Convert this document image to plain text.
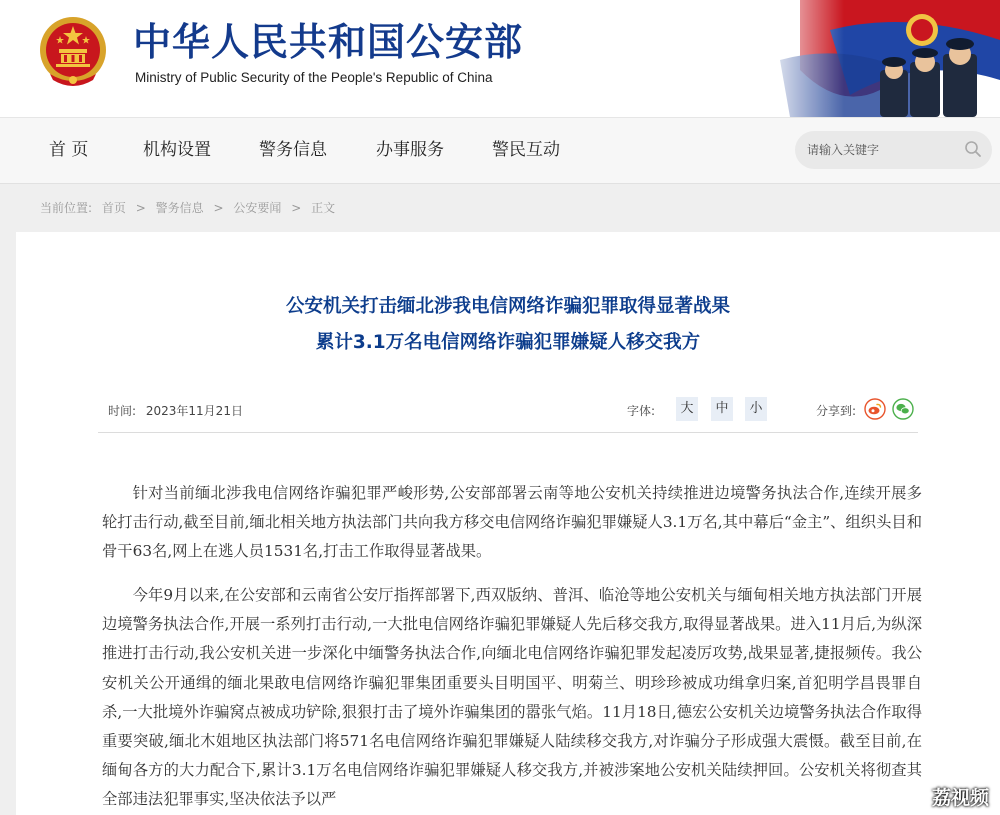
中华人民共和国公安部
Ministry of Public Security of the People's Republic of China
首 页	机构设置	警务信息	办事服务	警民互动
请输入关键字
当前位置: 首页 > 警务信息 > 公安要闻 > 正文
公安机关打击缅北涉我电信网络诈骗犯罪取得显著战果
累计3.1万名电信网络诈骗犯罪嫌疑人移交我方
时间: 2023年11月21日	字体:	大	中	小	分享到:

针对当前缅北涉我电信网络诈骗犯罪严峻形势,公安部部署云南等地公安机关持续推进边境警务执法合作,连续开展多轮打击行动,截至目前,缅北相关地方执法部门共向我方移交电信网络诈骗犯罪嫌疑人3.1万名,其中幕后“金主”、组织头目和骨干63名,网上在逃人员1531名,打击工作取得显著战果。

今年9月以来,在公安部和云南省公安厅指挥部署下,西双版纳、普洱、临沧等地公安机关与缅甸相关地方执法部门开展边境警务执法合作,开展一系列打击行动,一大批电信网络诈骗犯罪嫌疑人先后移交我方,取得显著战果。进入11月后,为纵深推进打击行动,我公安机关进一步深化中缅警务执法合作,向缅北电信网络诈骗犯罪发起凌厉攻势,战果显著,捷报频传。我公安机关公开通缉的缅北果敢电信网络诈骗犯罪集团重要头目明国平、明菊兰、明珍珍被成功缉拿归案,首犯明学昌畏罪自杀,一大批境外诈骗窝点被成功铲除,狠狠打击了境外诈骗集团的嚣张气焰。11月18日,德宏公安机关边境警务执法合作取得重要突破,缅北木姐地区执法部门将571名电信网络诈骗犯罪嫌疑人陆续移交我方,对诈骗分子形成强大震慑。截至目前,在缅甸各方的大力配合下,累计3.1万名电信网络诈骗犯罪嫌疑人移交我方,并被涉案地公安机关陆续押回。公安机关将彻查其全部违法犯罪事实,坚决依法予以严	荔视频
